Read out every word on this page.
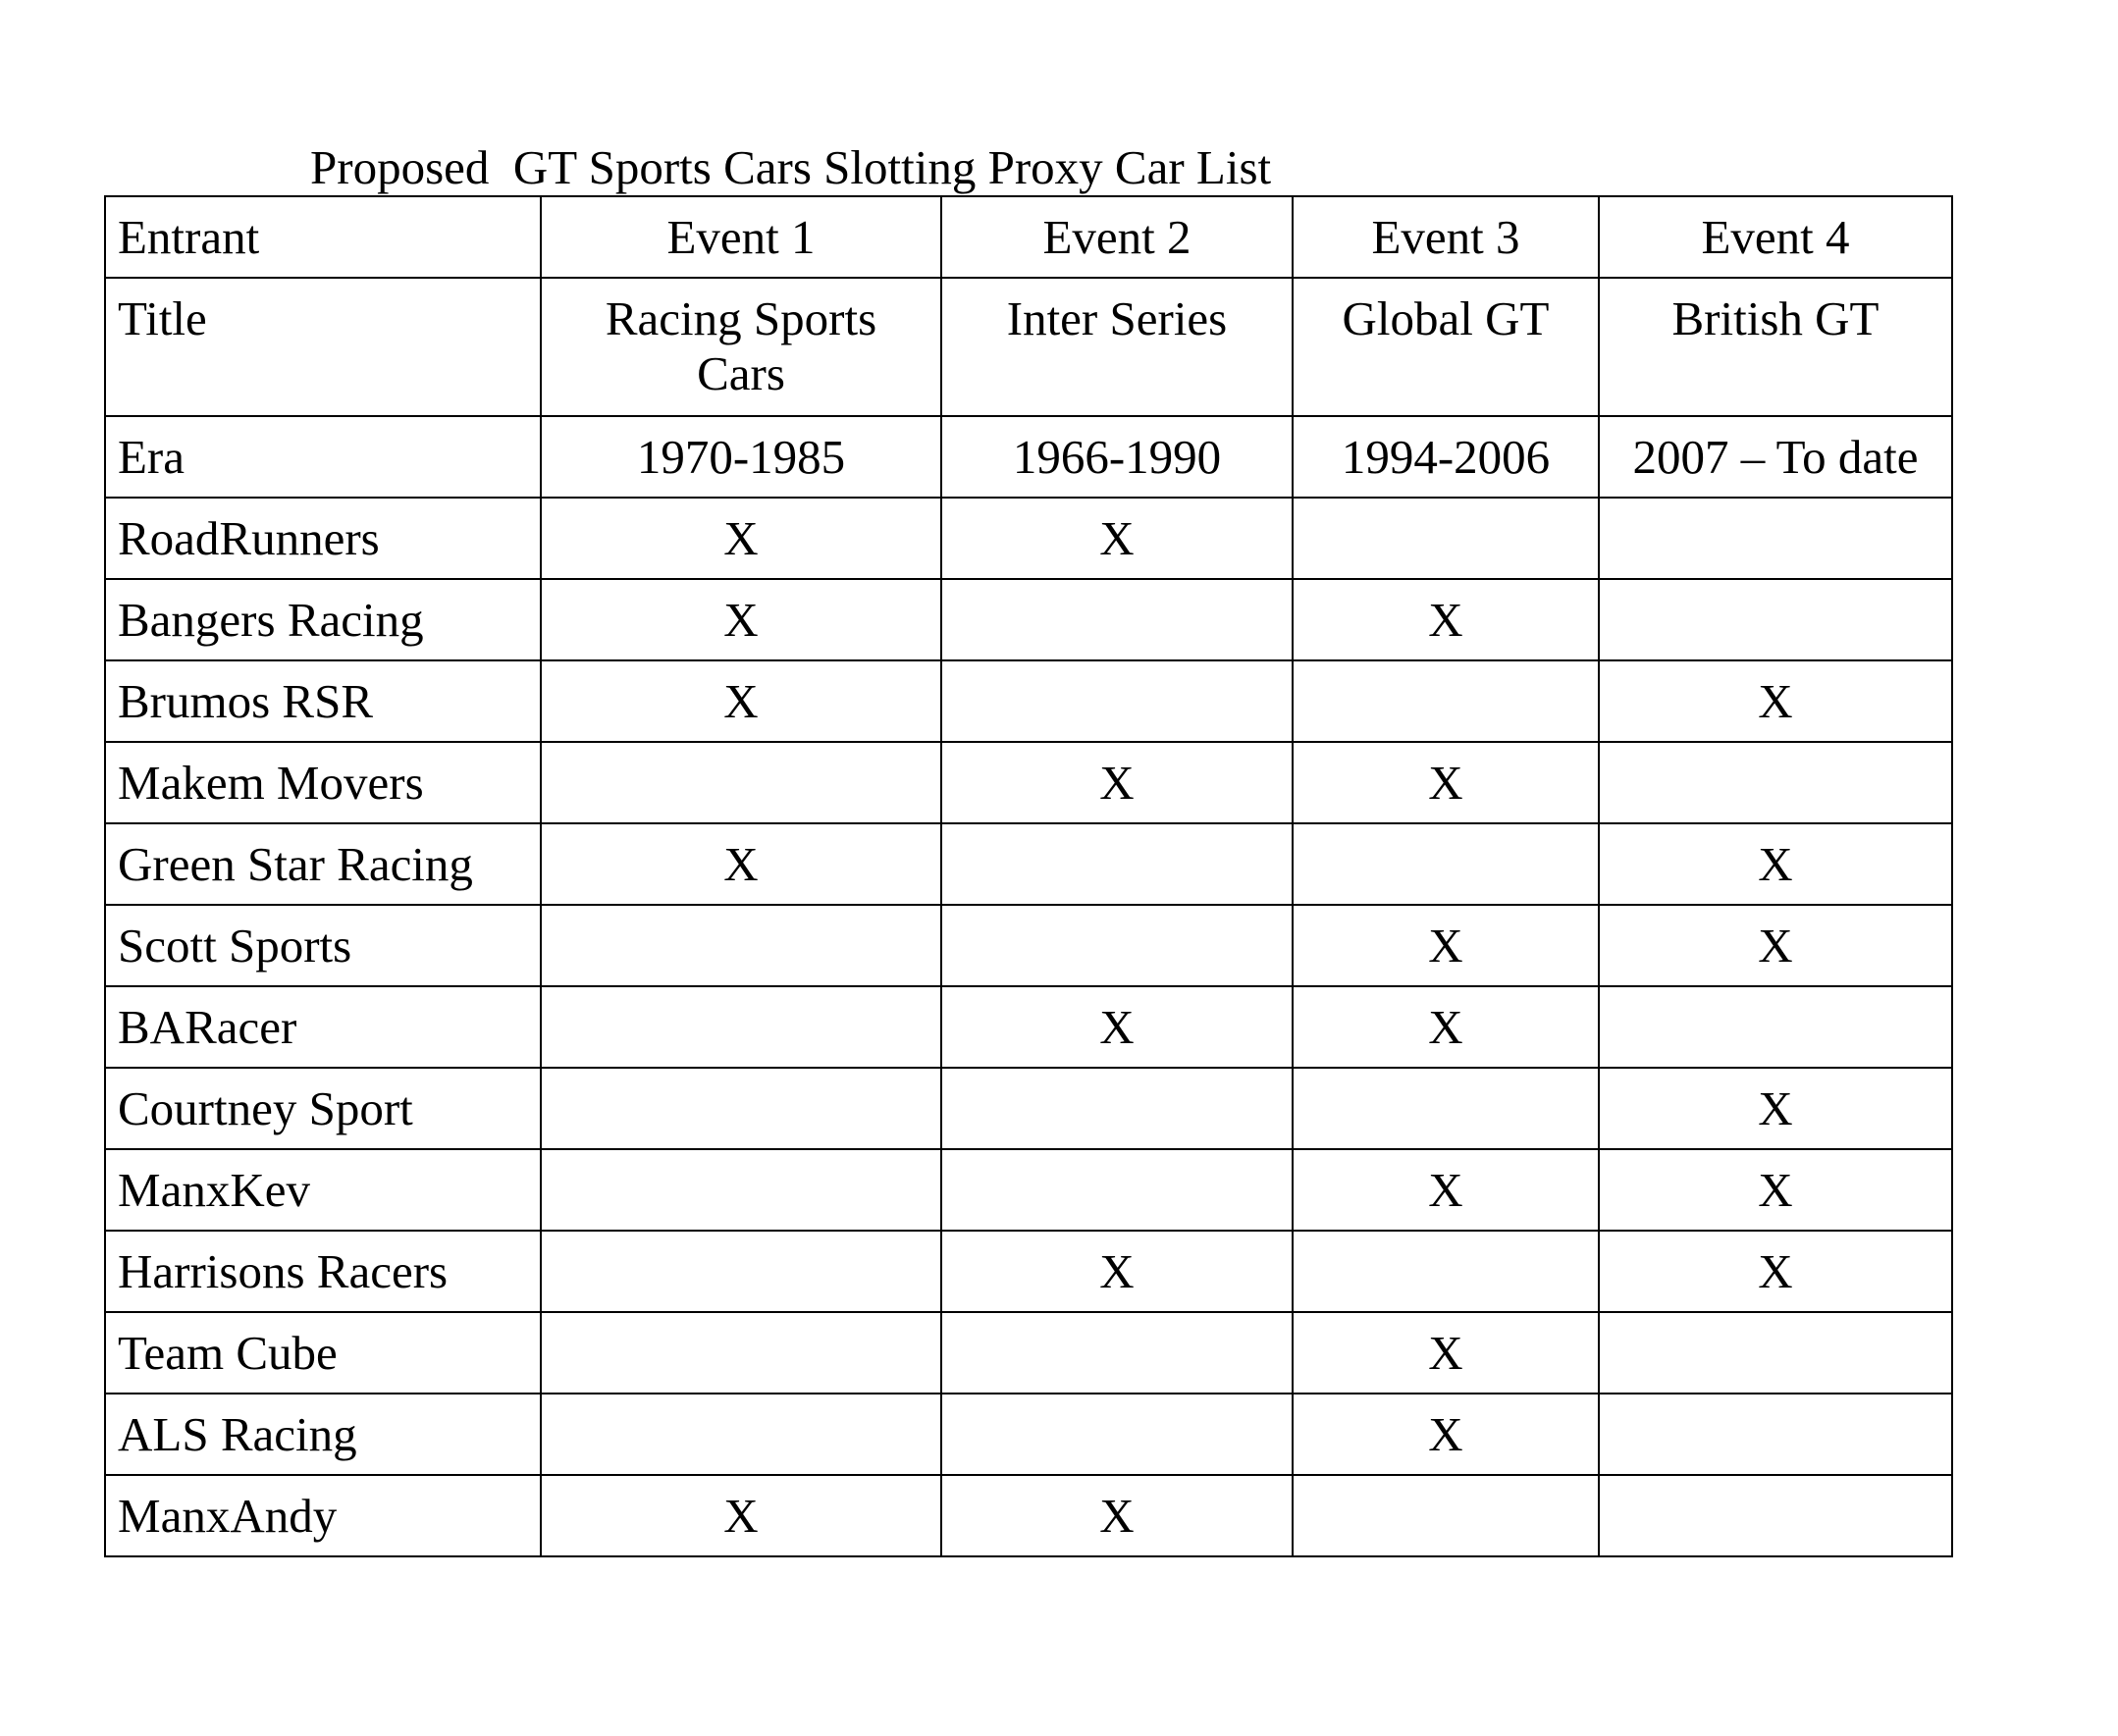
Proposed  GT Sports Cars Slotting Proxy Car List
Entrant	Event 1	Event 2	Event 3	Event 4
Title	Racing Sports Cars	Inter Series	Global GT	British GT
Era	1970-1985	1966-1990	1994-2006	2007 – To date
RoadRunners	X	X		
Bangers Racing	X		X	
Brumos RSR	X			X
Makem Movers		X	X	
Green Star Racing	X			X
Scott Sports			X	X
BARacer		X	X	
Courtney Sport				X
ManxKev			X	X
Harrisons Racers		X		X
Team Cube			X	
ALS Racing			X	
ManxAndy	X	X		
